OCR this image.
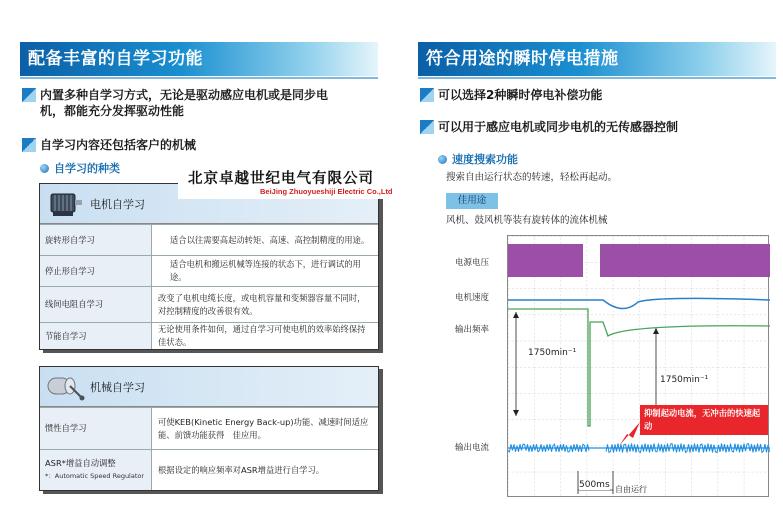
配备丰富的自学习功能
内置多种自学习方式，无论是驱动感应电机或是同步电
机，都能充分发挥驱动性能
自学习内容还包括客户的机械
自学习的种类
电机自学习
旋转形自学习	适合以往需要高起动转矩、高速、高控制精度的用途。
停止形自学习
适合电机和搬运机械等连接的状态下，进行调试的用途。
线间电阻自学习
改变了电机电缆长度，或电机容量和变频器容量不同时，对控制精度的改善很有效。
节能自学习
无论使用条件如何，通过自学习可使电机的效率始终保持　佳状态。
机械自学习
惯性自学习
可使KEB(Kinetic Energy Back-up)功能、减速时间适应能、前馈功能获得　佳应用。
ASR*增益自动调整
*：Automatic Speed Regulator
根据设定的响应频率对ASR增益进行自学习。
北京卓越世纪电气有限公司
BeiJing Zhuoyueshiji Electric Co.,Ltd
符合用途的瞬时停电措施
可以选择2种瞬时停电补偿功能
可以用于感应电机或同步电机的无传感器控制
速度搜索功能
搜索自由运行状态的转速，轻松再起动。
佳用途
风机、鼓风机等装有旋转体的流体机械
电源电压
电机速度
输出频率
输出电流
1750min⁻¹
1750min⁻¹
500ms 自由运行
抑制起动电流，无冲击的快速起动
